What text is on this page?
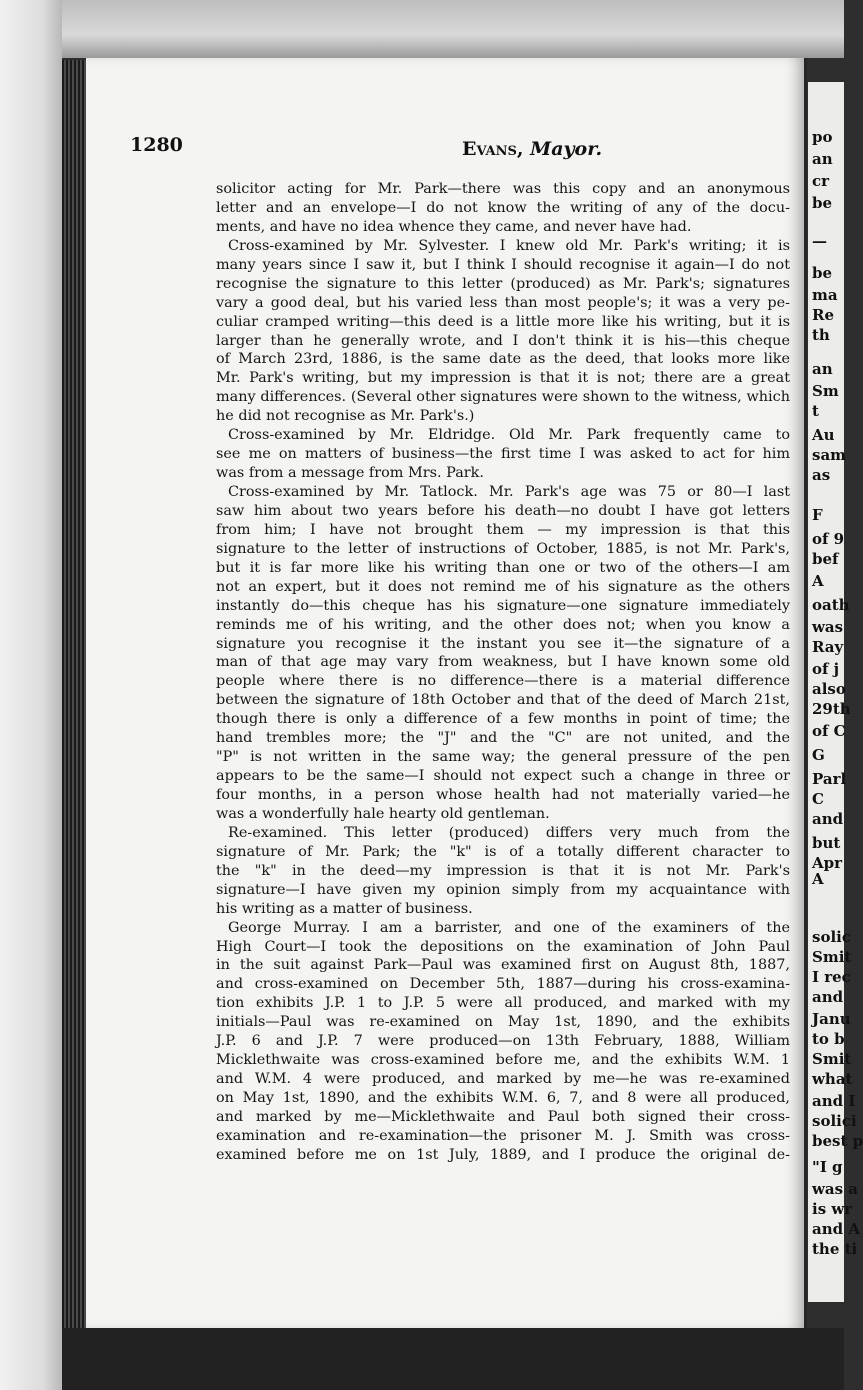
po
an
cr
be
—
be
ma
Re
th
an
Sm
t
Au
sam
as
F
of 9
bef
A
oath
was
Ray
of j
also
29th
of C
G
Parl
C
and
but
Apr
A
solic
Smit
I rec
and
Janu
to b
Smit
what
and I
solici
best p
"I g
was a
is wr
and A
the ti
1280	Evans, Mayor.
solicitor acting for Mr. Park—there was this copy and an anonymous
letter and an envelope—I do not know the writing of any of the docu-
ments, and have no idea whence they came, and never have had.
Cross-examined by Mr. Sylvester. I knew old Mr. Park's writing; it is
many years since I saw it, but I think I should recognise it again—I do not
recognise the signature to this letter (produced) as Mr. Park's; signatures
vary a good deal, but his varied less than most people's; it was a very pe-
culiar cramped writing—this deed is a little more like his writing, but it is
larger than he generally wrote, and I don't think it is his—this cheque
of March 23rd, 1886, is the same date as the deed, that looks more like
Mr. Park's writing, but my impression is that it is not; there are a great
many differences. (Several other signatures were shown to the witness, which
he did not recognise as Mr. Park's.)
Cross-examined by Mr. Eldridge. Old Mr. Park frequently came to
see me on matters of business—the first time I was asked to act for him
was from a message from Mrs. Park.
Cross-examined by Mr. Tatlock. Mr. Park's age was 75 or 80—I last
saw him about two years before his death—no doubt I have got letters
from him; I have not brought them — my impression is that this
signature to the letter of instructions of October, 1885, is not Mr. Park's,
but it is far more like his writing than one or two of the others—I am
not an expert, but it does not remind me of his signature as the others
instantly do—this cheque has his signature—one signature immediately
reminds me of his writing, and the other does not; when you know a
signature you recognise it the instant you see it—the signature of a
man of that age may vary from weakness, but I have known some old
people where there is no difference—there is a material difference
between the signature of 18th October and that of the deed of March 21st,
though there is only a difference of a few months in point of time; the
hand trembles more; the "J" and the "C" are not united, and the
"P" is not written in the same way; the general pressure of the pen
appears to be the same—I should not expect such a change in three or
four months, in a person whose health had not materially varied—he
was a wonderfully hale hearty old gentleman.
Re-examined. This letter (produced) differs very much from the
signature of Mr. Park; the "k" is of a totally different character to
the "k" in the deed—my impression is that it is not Mr. Park's
signature—I have given my opinion simply from my acquaintance with
his writing as a matter of business.
George Murray. I am a barrister, and one of the examiners of the
High Court—I took the depositions on the examination of John Paul
in the suit against Park—Paul was examined first on August 8th, 1887,
and cross-examined on December 5th, 1887—during his cross-examina-
tion exhibits J.P. 1 to J.P. 5 were all produced, and marked with my
initials—Paul was re-examined on May 1st, 1890, and the exhibits
J.P. 6 and J.P. 7 were produced—on 13th February, 1888, William
Micklethwaite was cross-examined before me, and the exhibits W.M. 1
and W.M. 4 were produced, and marked by me—he was re-examined
on May 1st, 1890, and the exhibits W.M. 6, 7, and 8 were all produced,
and marked by me—Micklethwaite and Paul both signed their cross-
examination and re-examination—the prisoner M. J. Smith was cross-
examined before me on 1st July, 1889, and I produce the original de-
